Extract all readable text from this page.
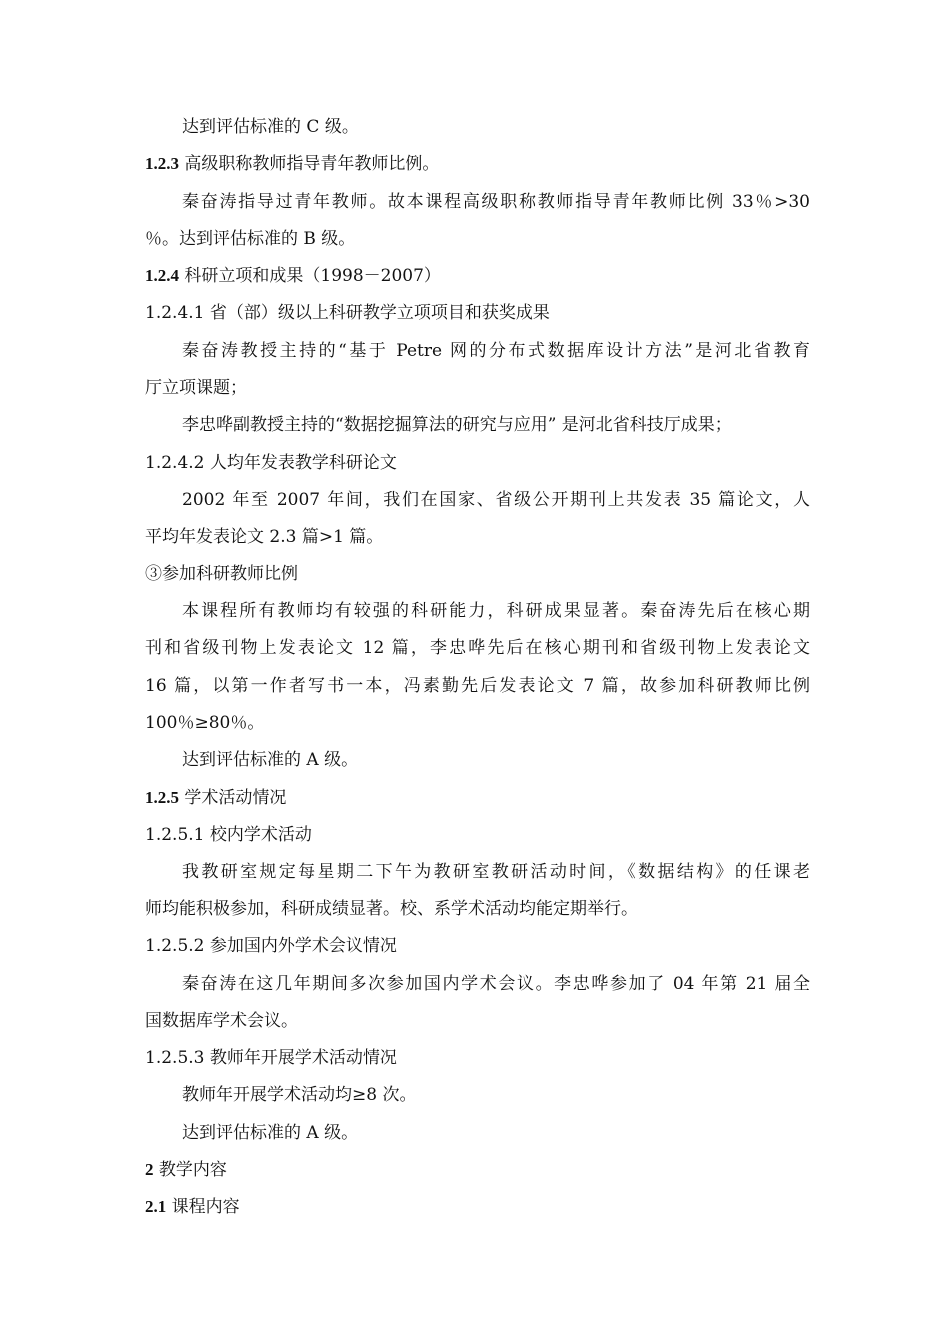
达到评估标准的 C 级。
1.2.3 高级职称教师指导青年教师比例。
秦奋涛指导过青年教师。故本课程高级职称教师指导青年教师比例 33％>30
％。达到评估标准的 B 级。
1.2.4 科研立项和成果（1998－2007）
1.2.4.1 省（部）级以上科研教学立项项目和获奖成果
秦奋涛教授主持的“基于 Petre 网的分布式数据库设计方法”是河北省教育
厅立项课题；
李忠哗副教授主持的“数据挖掘算法的研究与应用” 是河北省科技厅成果；
1.2.4.2 人均年发表教学科研论文
2002 年至 2007 年间，我们在国家、省级公开期刊上共发表 35 篇论文，人
平均年发表论文 2.3 篇>1 篇。
③参加科研教师比例
本课程所有教师均有较强的科研能力，科研成果显著。秦奋涛先后在核心期
刊和省级刊物上发表论文 12 篇，李忠哗先后在核心期刊和省级刊物上发表论文
16 篇，以第一作者写书一本，冯素勤先后发表论文 7 篇，故参加科研教师比例
100％≥80％。
达到评估标准的 A 级。
1.2.5 学术活动情况
1.2.5.1 校内学术活动
我教研室规定每星期二下午为教研室教研活动时间，《数据结构》的任课老
师均能积极参加，科研成绩显著。校、系学术活动均能定期举行。
1.2.5.2 参加国内外学术会议情况
秦奋涛在这几年期间多次参加国内学术会议。李忠哗参加了 04 年第 21 届全
国数据库学术会议。
1.2.5.3 教师年开展学术活动情况
教师年开展学术活动均≥8 次。
达到评估标准的 A 级。
2 教学内容
2.1 课程内容
